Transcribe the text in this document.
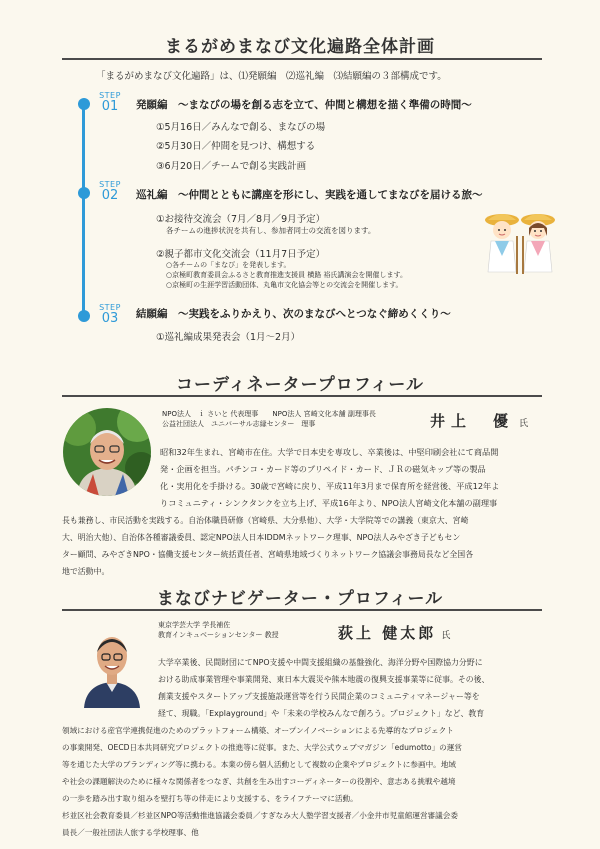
まるがめまなび文化遍路全体計画
「まるがめまなび文化遍路」は、⑴発願編　⑵巡礼編　⑶結願編の３部構成です。
STEP
01	発願編　〜まなびの場を創る志を立て、仲間と構想を描く準備の時間〜
①5月16日／みんなで創る、まなびの場
②5月30日／仲間を見つけ、構想する
③6月20日／チームで創る実践計画
STEP
02	巡礼編　〜仲間とともに講座を形にし、実践を通してまなびを届ける旅〜
①お接待交流会（7月／8月／9月予定）
各チームの進捗状況を共有し、参加者同士の交流を図ります。
②親子都市文化交流会（11月7日予定）
○各チームの「まなび」を発表します。
○京極町教育委員会ふるさと教育推進支援員 横路 裕氏講演会を開催します。
○京極町の生涯学習活動団体、丸亀市文化協会等との交流会を開催します。
STEP
03	結願編　〜実践をふりかえり、次のまなびへとつなぐ締めくくり〜
①巡礼編成果発表会（1月〜2月）
コーディネータープロフィール
NPO法人　ｉ さいと 代表理事　　NPO法人 宮崎文化本舗 副理事長
公益社団法人　ユニバーサル志縁センター　理事	井上　優 氏
昭和32年生まれ、宮崎市在住。大学で日本史を専攻し、卒業後は、中堅印刷会社にて商品開
発・企画を担当。パチンコ・カード等のプリペイド・カード、ＪＲの磁気キップ等の製品
化・実用化を手掛ける。30歳で宮崎に戻り、平成11年3月まで保育所を経営後、平成12年よ
りコミュニティ・シンクタンクを立ち上げ、平成16年より、NPO法人宮崎文化本舗の副理事
長も兼務し、市民活動を実践する。自治体職員研修（宮崎県、大分県他）、大学・大学院等での講義（東京大、宮崎
大、明治大他）、自治体各種審議委員、認定NPO法人日本IDDMネットワーク理事、NPO法人みやざき子どもセン
ター顧問、みやざきNPO・協働支援センター統括責任者、宮崎県地域づくりネットワーク協議会事務局長など全国各
地で活動中。
まなびナビゲーター・プロフィール
東京学芸大学 学長補佐
教育インキュベーションセンター 教授	荻上 健太郎 氏
大学卒業後、民間財団にてNPO支援や中間支援組織の基盤強化、海洋分野や国際協力分野に
おける助成事業管理や事業開発、東日本大震災や熊本地震の復興支援事業等に従事。その後、
創業支援やスタートアップ支援施設運営等を行う民間企業のコミュニティマネージャー等を
経て、現職。「Explayground」や「未来の学校みんなで創ろう。プロジェクト」など、教育
領域における産官学連携促進のためのプラットフォーム構築、オープンイノベーションによる先導的なプロジェクト
の事業開発、OECD日本共同研究プロジェクトの推進等に従事。また、大学公式ウェブマガジン「edumotto」の運営
等を通じた大学のブランディング等に携わる。本業の傍ら個人活動として複数の企業やプロジェクトに参画中。地域
や社会の課題解決のために様々な関係者をつなぎ、共創を生み出すコーディネーターの役割や、意志ある挑戦や越境
の一歩を踏み出す取り組みを壁打ち等の伴走により支援する、をライフテーマに活動。
杉並区社会教育委員／杉並区NPO等活動推進協議会委員／すぎなみ大人塾学習支援者／小金井市児童館運営審議会委
員長／一般社団法人旅する学校理事、他
